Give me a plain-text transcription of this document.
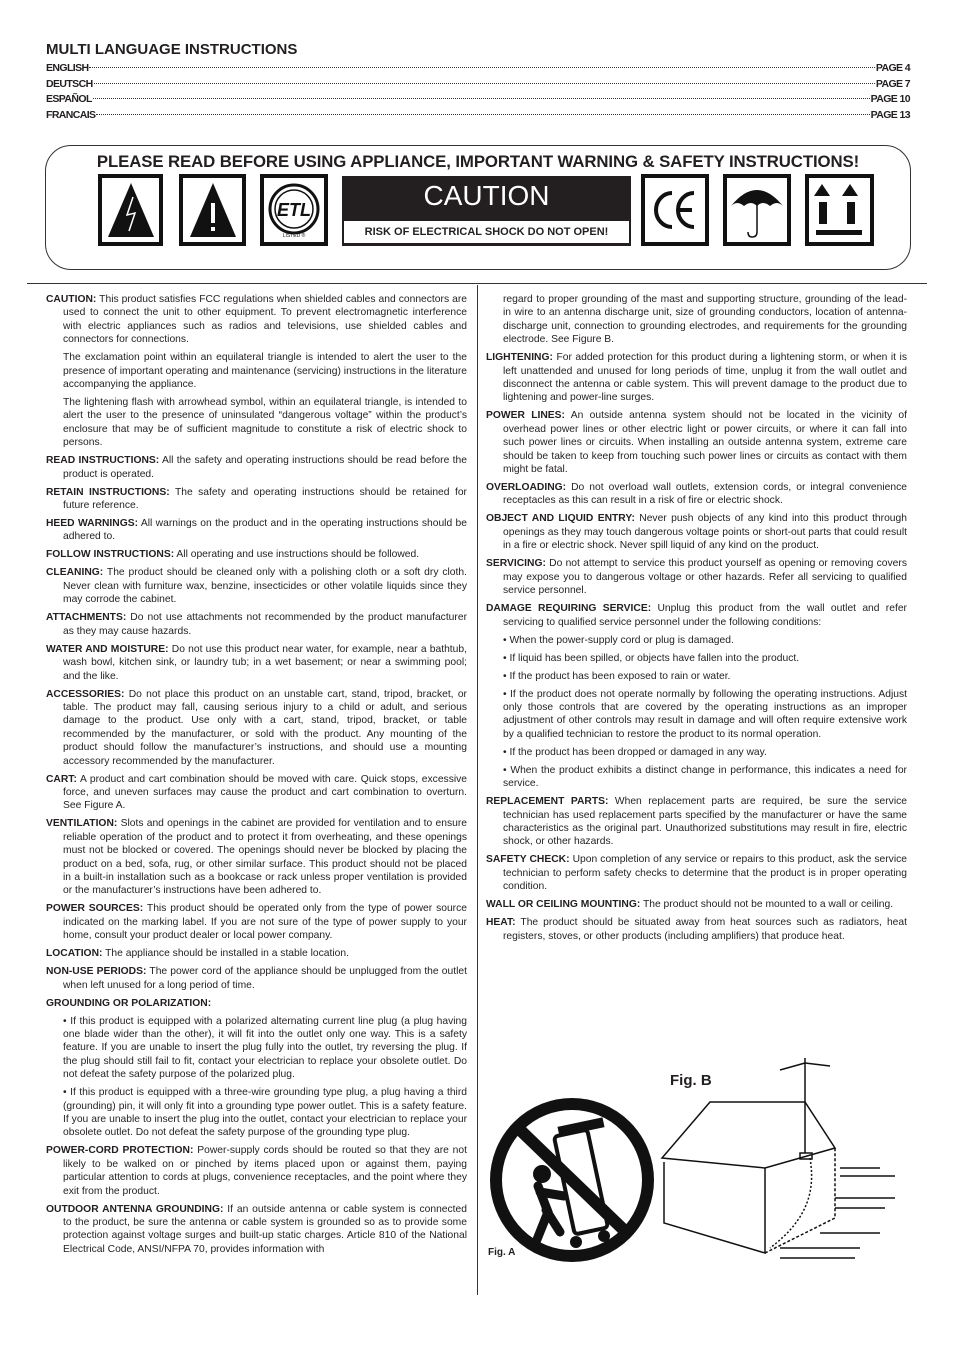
MULTI LANGUAGE INSTRUCTIONS
ENGLISH	PAGE 4
DEUTSCH	PAGE 7
ESPAÑOL	PAGE 10
FRANCAIS	PAGE 13
PLEASE READ BEFORE USING APPLIANCE, IMPORTANT WARNING & SAFETY INSTRUCTIONS!
ETL
LISTED ®
CAUTION
RISK OF ELECTRICAL SHOCK DO NOT OPEN!
CAUTION: This product satisfies FCC regulations when shielded cables and connectors are used to connect the unit to other equipment. To prevent electromagnetic interference with electric appliances such as radios and televisions, use shielded cables and connectors for connections.
The exclamation point within an equilateral triangle is intended to alert the user to the presence of important operating and maintenance (servicing) instructions in the literature accompanying the appliance.
The lightening flash with arrowhead symbol, within an equilateral triangle, is intended to alert the user to the presence of uninsulated “dangerous voltage” within the product’s enclosure that may be of sufficient magnitude to constitute a risk of electric shock to persons.
READ INSTRUCTIONS: All the safety and operating instructions should be read before the product is operated.
RETAIN INSTRUCTIONS: The safety and operating instructions should be retained for future reference.
HEED WARNINGS: All warnings on the product and in the operating instructions should be adhered to.
FOLLOW INSTRUCTIONS: All operating and use instructions should be followed.
CLEANING: The product should be cleaned only with a polishing cloth or a soft dry cloth. Never clean with furniture wax, benzine, insecticides or other volatile liquids since they may corrode the cabinet.
ATTACHMENTS: Do not use attachments not recommended by the product manufacturer as they may cause hazards.
WATER AND MOISTURE: Do not use this product near water, for example, near a bathtub, wash bowl, kitchen sink, or laundry tub; in a wet basement; or near a swimming pool; and the like.
ACCESSORIES: Do not place this product on an unstable cart, stand, tripod, bracket, or table. The product may fall, causing serious injury to a child or adult, and serious damage to the product. Use only with a cart, stand, tripod, bracket, or table recommended by the manufacturer, or sold with the product. Any mounting of the product should follow the manufacturer’s instructions, and should use a mounting accessory recommended by the manufacturer.
CART: A product and cart combination should be moved with care. Quick stops, excessive force, and uneven surfaces may cause the product and cart combination to overturn. See Figure A.
VENTILATION: Slots and openings in the cabinet are provided for ventilation and to ensure reliable operation of the product and to protect it from overheating, and these openings must not be blocked or covered. The openings should never be blocked by placing the product on a bed, sofa, rug, or other similar surface. This product should not be placed in a built-in installation such as a bookcase or rack unless proper ventilation is provided or the manufacturer’s instructions have been adhered to.
POWER SOURCES: This product should be operated only from the type of power source indicated on the marking label. If you are not sure of the type of power supply to your home, consult your product dealer or local power company.
LOCATION: The appliance should be installed in a stable location.
NON-USE PERIODS: The power cord of the appliance should be unplugged from the outlet when left unused for a long period of time.
GROUNDING OR POLARIZATION:
• If this product is equipped with a polarized alternating current line plug (a plug having one blade wider than the other), it will fit into the outlet only one way. This is a safety feature. If you are unable to insert the plug fully into the outlet, try reversing the plug. If the plug should still fail to fit, contact your electrician to replace your obsolete outlet. Do not defeat the safety purpose of the polarized plug.
• If this product is equipped with a three-wire grounding type plug, a plug having a third (grounding) pin, it will only fit into a grounding type power outlet. This is a safety feature. If you are unable to insert the plug into the outlet, contact your electrician to replace your obsolete outlet. Do not defeat the safety purpose of the grounding type plug.
POWER-CORD PROTECTION: Power-supply cords should be routed so that they are not likely to be walked on or pinched by items placed upon or against them, paying particular attention to cords at plugs, convenience receptacles, and the point where they exit from the product.
OUTDOOR ANTENNA GROUNDING: If an outside antenna or cable system is connected to the product, be sure the antenna or cable system is grounded so as to provide some protection against voltage surges and built-up static charges. Article 810 of the National Electrical Code, ANSI/NFPA 70, provides information with
regard to proper grounding of the mast and supporting structure, grounding of the lead-in wire to an antenna discharge unit, size of grounding conductors, location of antenna-discharge unit, connection to grounding electrodes, and requirements for the grounding electrode. See Figure B.
LIGHTENING: For added protection for this product during a lightening storm, or when it is left unattended and unused for long periods of time, unplug it from the wall outlet and disconnect the antenna or cable system. This will prevent damage to the product due to lightening and power-line surges.
POWER LINES: An outside antenna system should not be located in the vicinity of overhead power lines or other electric light or power circuits, or where it can fall into such power lines or circuits. When installing an outside antenna system, extreme care should be taken to keep from touching such power lines or circuits as contact with them might be fatal.
OVERLOADING: Do not overload wall outlets, extension cords, or integral convenience receptacles as this can result in a risk of fire or electric shock.
OBJECT AND LIQUID ENTRY: Never push objects of any kind into this product through openings as they may touch dangerous voltage points or short-out parts that could result in a fire or electric shock. Never spill liquid of any kind on the product.
SERVICING: Do not attempt to service this product yourself as opening or removing covers may expose you to dangerous voltage or other hazards. Refer all servicing to qualified service personnel.
DAMAGE REQUIRING SERVICE: Unplug this product from the wall outlet and refer servicing to qualified service personnel under the following conditions:
• When the power-supply cord or plug is damaged.
• If liquid has been spilled, or objects have fallen into the product.
• If the product has been exposed to rain or water.
• If the product does not operate normally by following the operating instructions. Adjust only those controls that are covered by the operating instructions as an improper adjustment of other controls may result in damage and will often require extensive work by a qualified technician to restore the product to its normal operation.
• If the product has been dropped or damaged in any way.
• When the product exhibits a distinct change in performance, this indicates a need for service.
REPLACEMENT PARTS: When replacement parts are required, be sure the service technician has used replacement parts specified by the manufacturer or have the same characteristics as the original part. Unauthorized substitutions may result in fire, electric shock, or other hazards.
SAFETY CHECK: Upon completion of any service or repairs to this product, ask the service technician to perform safety checks to determine that the product is in proper operating condition.
WALL OR CEILING MOUNTING: The product should not be mounted to a wall or ceiling.
HEAT: The product should be situated away from heat sources such as radiators, heat registers, stoves, or other products (including amplifiers) that produce heat.
Fig. A
Fig. B
